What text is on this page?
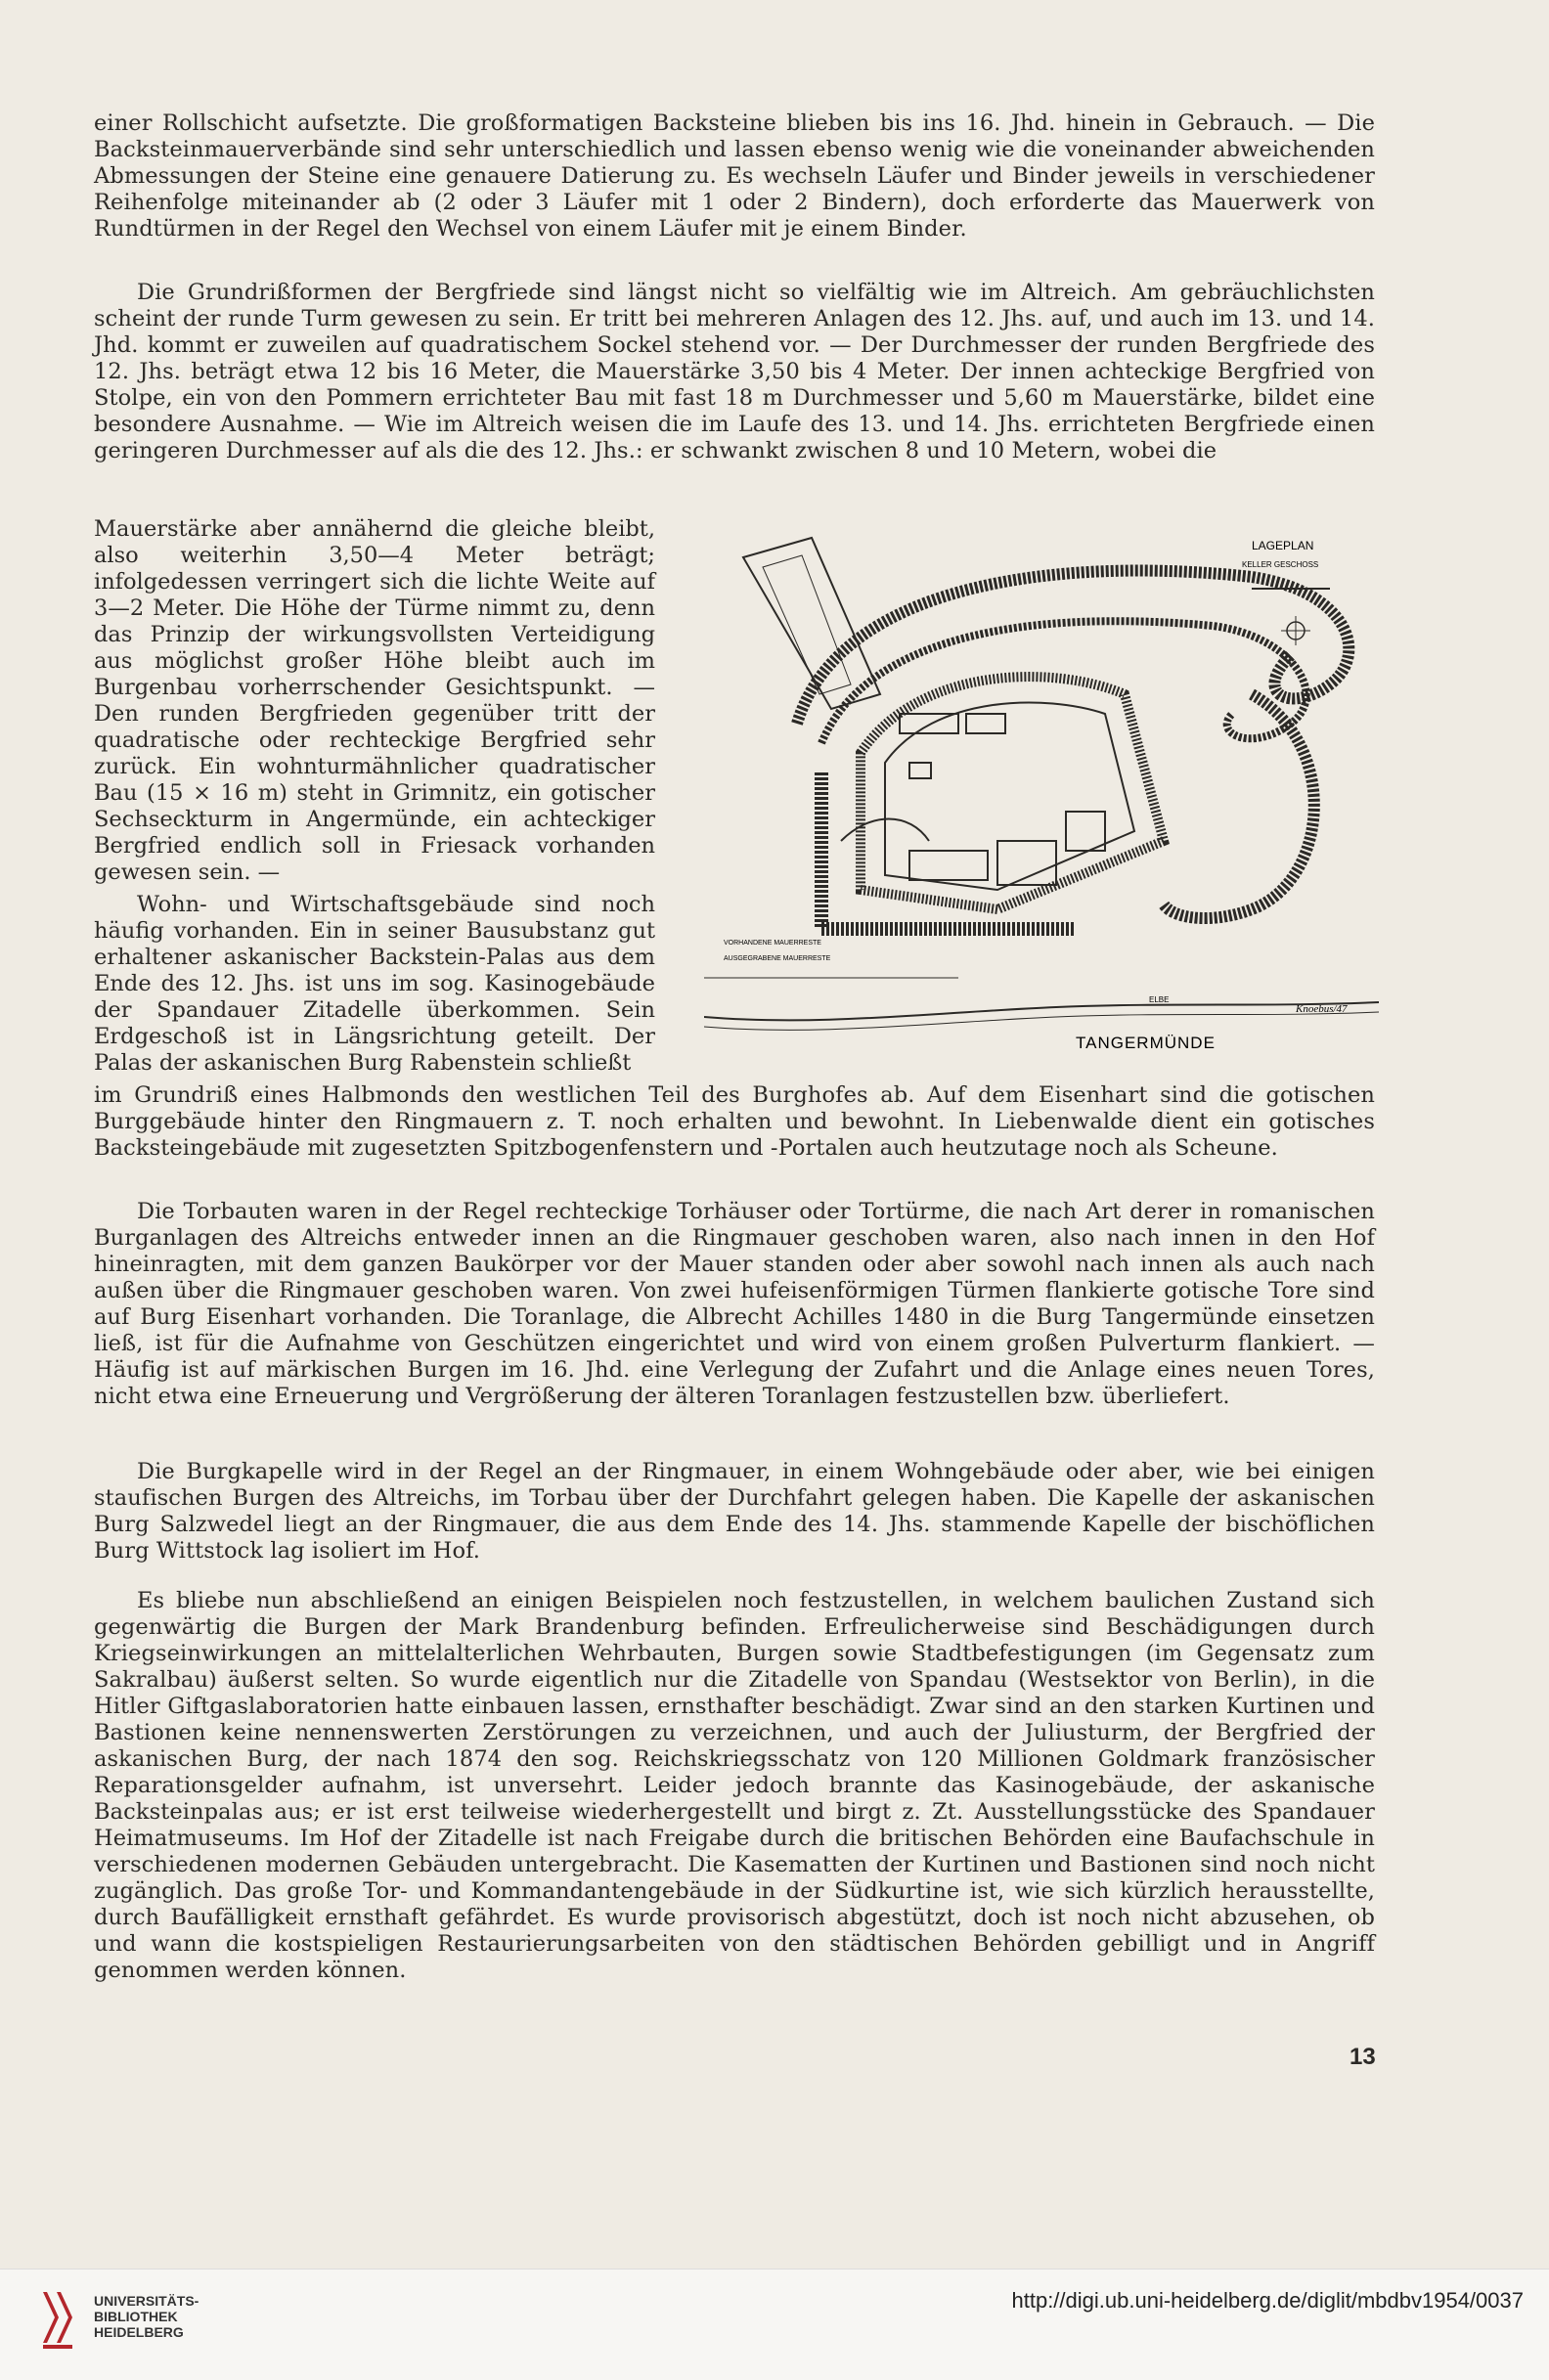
einer Rollschicht aufsetzte. Die großformatigen Backsteine blieben bis ins 16. Jhd. hinein in Gebrauch. — Die Backsteinmauerverbände sind sehr unterschiedlich und lassen ebenso wenig wie die voneinander abweichenden Abmessungen der Steine eine genauere Datierung zu. Es wechseln Läufer und Binder jeweils in verschiedener Reihenfolge miteinander ab (2 oder 3 Läufer mit 1 oder 2 Bindern), doch erforderte das Mauerwerk von Rundtürmen in der Regel den Wechsel von einem Läufer mit je einem Binder.

Die Grundrißformen der Bergfriede sind längst nicht so vielfältig wie im Altreich. Am gebräuchlichsten scheint der runde Turm gewesen zu sein. Er tritt bei mehreren Anlagen des 12. Jhs. auf, und auch im 13. und 14. Jhd. kommt er zuweilen auf quadratischem Sockel stehend vor. — Der Durchmesser der runden Bergfriede des 12. Jhs. beträgt etwa 12 bis 16 Meter, die Mauerstärke 3,50 bis 4 Meter. Der innen achteckige Bergfried von Stolpe, ein von den Pommern errichteter Bau mit fast 18 m Durchmesser und 5,60 m Mauerstärke, bildet eine besondere Ausnahme. — Wie im Altreich weisen die im Laufe des 13. und 14. Jhs. errichteten Bergfriede einen geringeren Durchmesser auf als die des 12. Jhs.: er schwankt zwischen 8 und 10 Metern, wobei die

Mauerstärke aber annähernd die gleiche bleibt, also weiterhin 3,50—4 Meter beträgt; infolgedessen verringert sich die lichte Weite auf 3—2 Meter. Die Höhe der Türme nimmt zu, denn das Prinzip der wirkungsvollsten Verteidigung aus möglichst großer Höhe bleibt auch im Burgenbau vorherrschender Gesichtspunkt. — Den runden Bergfrieden gegenüber tritt der quadratische oder rechteckige Bergfried sehr zurück. Ein wohnturmähnlicher quadratischer Bau (15 × 16 m) steht in Grimnitz, ein gotischer Sechseckturm in Angermünde, ein achteckiger Bergfried endlich soll in Friesack vorhanden gewesen sein. —

Wohn- und Wirtschaftsgebäude sind noch häufig vorhanden. Ein in seiner Bausubstanz gut erhaltener askanischer Backstein-Palas aus dem Ende des 12. Jhs. ist uns im sog. Kasinogebäude der Spandauer Zitadelle überkommen. Sein Erdgeschoß ist in Längsrichtung geteilt. Der Palas der askanischen Burg Rabenstein schließt

im Grundriß eines Halbmonds den westlichen Teil des Burghofes ab. Auf dem Eisenhart sind die gotischen Burggebäude hinter den Ringmauern z. T. noch erhalten und bewohnt. In Liebenwalde dient ein gotisches Backsteingebäude mit zugesetzten Spitzbogenfenstern und -Portalen auch heutzutage noch als Scheune.

Die Torbauten waren in der Regel rechteckige Torhäuser oder Tortürme, die nach Art derer in romanischen Burganlagen des Altreichs entweder innen an die Ringmauer geschoben waren, also nach innen in den Hof hineinragten, mit dem ganzen Baukörper vor der Mauer standen oder aber sowohl nach innen als auch nach außen über die Ringmauer geschoben waren. Von zwei hufeisenförmigen Türmen flankierte gotische Tore sind auf Burg Eisenhart vorhanden. Die Toranlage, die Albrecht Achilles 1480 in die Burg Tangermünde einsetzen ließ, ist für die Aufnahme von Geschützen eingerichtet und wird von einem großen Pulverturm flankiert. — Häufig ist auf märkischen Burgen im 16. Jhd. eine Verlegung der Zufahrt und die Anlage eines neuen Tores, nicht etwa eine Erneuerung und Vergrößerung der älteren Toranlagen festzustellen bzw. überliefert.

Die Burgkapelle wird in der Regel an der Ringmauer, in einem Wohngebäude oder aber, wie bei einigen staufischen Burgen des Altreichs, im Torbau über der Durchfahrt gelegen haben. Die Kapelle der askanischen Burg Salzwedel liegt an der Ringmauer, die aus dem Ende des 14. Jhs. stammende Kapelle der bischöflichen Burg Wittstock lag isoliert im Hof.

Es bliebe nun abschließend an einigen Beispielen noch festzustellen, in welchem baulichen Zustand sich gegenwärtig die Burgen der Mark Brandenburg befinden. Erfreulicherweise sind Beschädigungen durch Kriegseinwirkungen an mittelalterlichen Wehrbauten, Burgen sowie Stadtbefestigungen (im Gegensatz zum Sakralbau) äußerst selten. So wurde eigentlich nur die Zitadelle von Spandau (Westsektor von Berlin), in die Hitler Giftgaslaboratorien hatte einbauen lassen, ernsthafter beschädigt. Zwar sind an den starken Kurtinen und Bastionen keine nennenswerten Zerstörungen zu verzeichnen, und auch der Juliusturm, der Bergfried der askanischen Burg, der nach 1874 den sog. Reichskriegsschatz von 120 Millionen Goldmark französischer Reparationsgelder aufnahm, ist unversehrt. Leider jedoch brannte das Kasinogebäude, der askanische Backsteinpalas aus; er ist erst teilweise wiederhergestellt und birgt z. Zt. Ausstellungsstücke des Spandauer Heimatmuseums. Im Hof der Zitadelle ist nach Freigabe durch die britischen Behörden eine Baufachschule in verschiedenen modernen Gebäuden untergebracht. Die Kasematten der Kurtinen und Bastionen sind noch nicht zugänglich. Das große Tor- und Kommandantengebäude in der Südkurtine ist, wie sich kürzlich herausstellte, durch Baufälligkeit ernsthaft gefährdet. Es wurde provisorisch abgestützt, doch ist noch nicht abzusehen, ob und wann die kostspieligen Restaurierungsarbeiten von den städtischen Behörden gebilligt und in Angriff genommen werden können.

13
LAGEPLAN
KELLER GESCHOSS
VORHANDENE MAUERRESTE
AUSGEGRABENE MAUERRESTE
ELBE
Knoebus/47
TANGERMÜNDE
UNIVERSITÄTS-
BIBLIOTHEK
HEIDELBERG
http://digi.ub.uni-heidelberg.de/diglit/mbdbv1954/0037
